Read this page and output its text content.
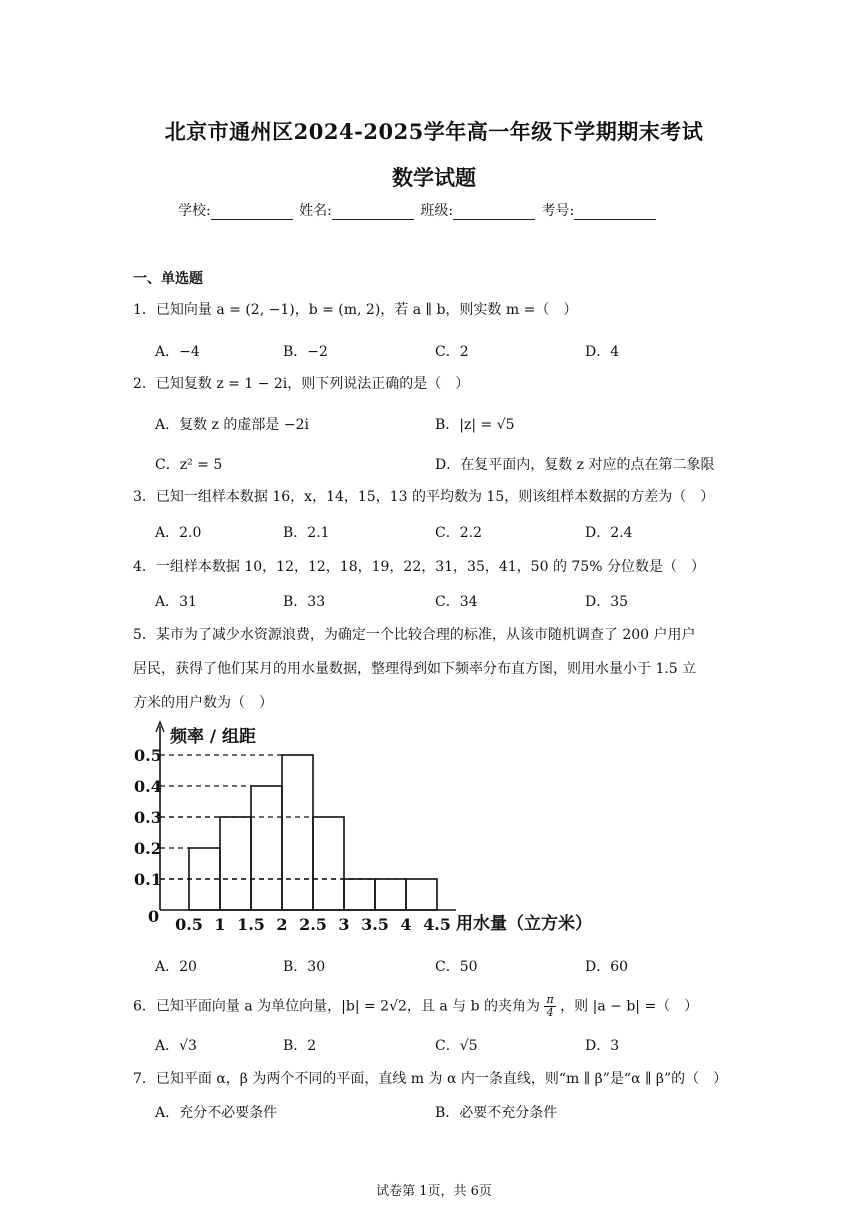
北京市通州区2024-2025学年高一年级下学期期末考试
数学试题
学校:	姓名:	班级:	考号:
一、单选题
1．已知向量 a = (2, −1)，b = (m, 2)，若 a ∥ b，则实数 m =（　）
A．−4	B．−2	C．2	D．4
2．已知复数 z = 1 − 2i，则下列说法正确的是（　）
A．复数 z 的虚部是 −2i	B．|z| = √5
C．z² = 5	D．在复平面内，复数 z 对应的点在第二象限
3．已知一组样本数据 16，x，14，15，13 的平均数为 15，则该组样本数据的方差为（　）
A．2.0	B．2.1	C．2.2	D．2.4
4．一组样本数据 10，12，12，18，19，22，31，35，41，50 的 75% 分位数是（　）
A．31	B．33	C．34	D．35
5．某市为了减少水资源浪费，为确定一个比较合理的标准，从该市随机调查了 200 户用户
居民，获得了他们某月的用水量数据，整理得到如下频率分布直方图，则用水量小于 1.5 立
方米的用户数为（　）
0.1
0.2
0.3
0.4
0.5
0.5 1 1.5 2 2.5 3 3.5 4 4.5
0
频率 / 组距
用水量（立方米）
A．20	B．30	C．50	D．60
6．已知平面向量 a 为单位向量，|b| = 2√2，且 a 与 b 的夹角为 $\frac{\pi}{4}$ ，则 |a − b| =（　）
A．√3	B．2	C．√5	D．3
7．已知平面 α，β 为两个不同的平面，直线 m 为 α 内一条直线，则“m ∥ β”是“α ∥ β”的（　）
A．充分不必要条件	B．必要不充分条件
试卷第 1页，共 6页
